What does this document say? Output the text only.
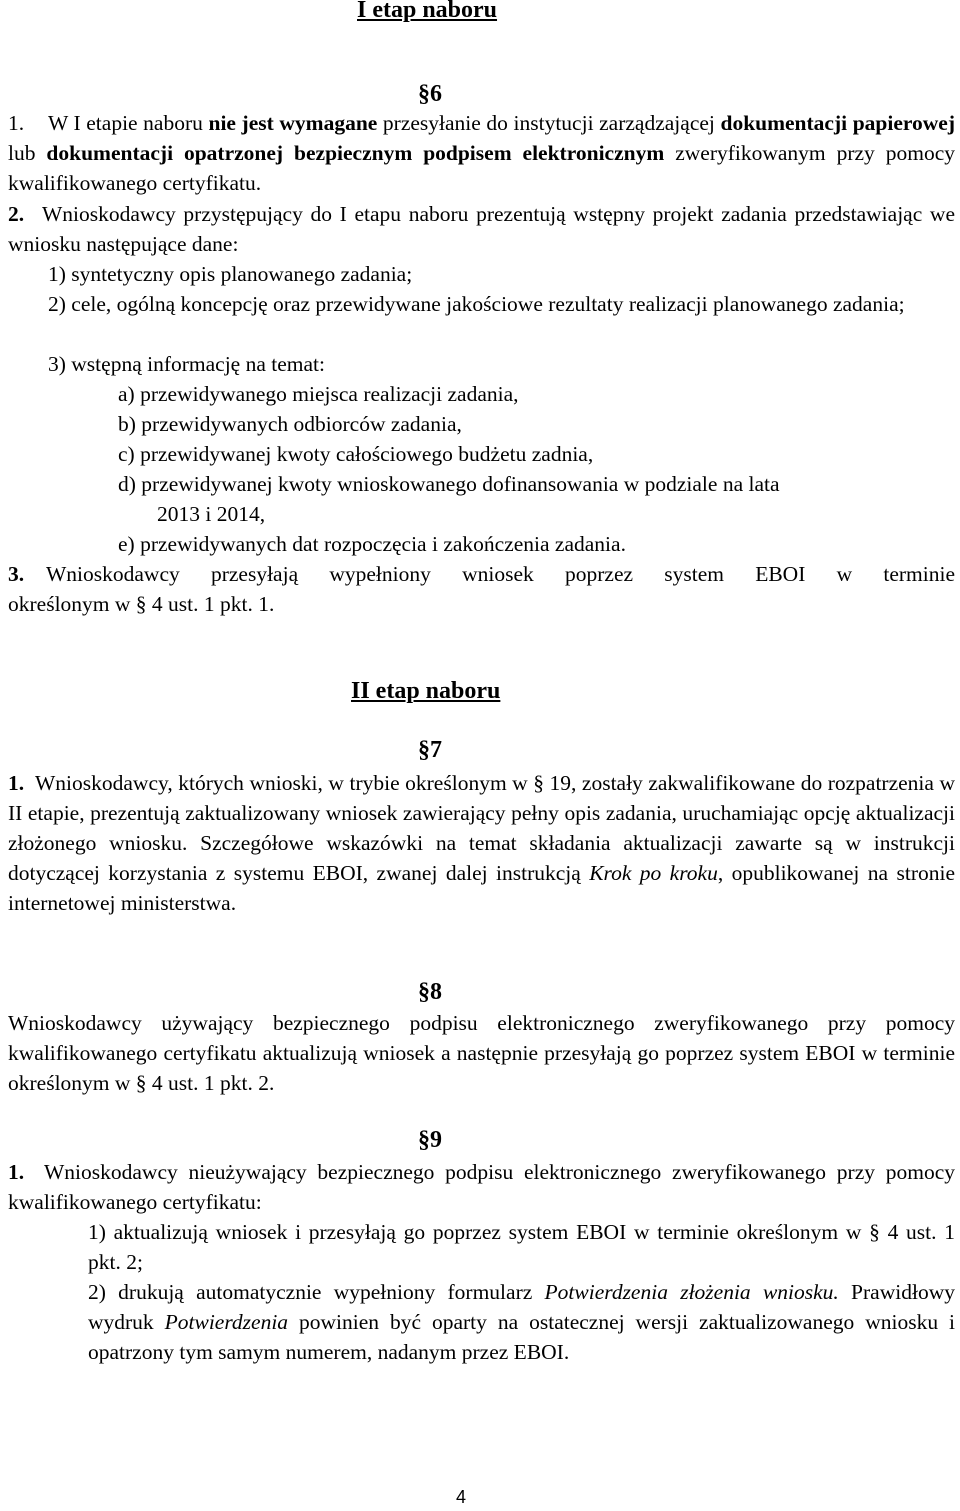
I etap naboru
§6
1. W I etapie naboru nie jest wymagane przesyłanie do instytucji zarządzającej dokumentacji papierowej lub dokumentacji opatrzonej bezpiecznym podpisem elektronicznym zweryfikowanym przy pomocy kwalifikowanego certyfikatu.
2. Wnioskodawcy przystępujący do I etapu naboru prezentują wstępny projekt zadania przedstawiając we wniosku następujące dane:
1) syntetyczny opis planowanego zadania;
2) cele, ogólną koncepcję oraz przewidywane jakościowe rezultaty realizacji planowanego zadania;
3) wstępną informację na temat:
a) przewidywanego miejsca realizacji zadania,
b) przewidywanych odbiorców zadania,
c) przewidywanej kwoty całościowego budżetu zadnia,
d) przewidywanej kwoty wnioskowanego dofinansowania w podziale na lata
2013 i 2014,
e) przewidywanych dat rozpoczęcia i zakończenia zadania.
3.	Wnioskodawcy przesyłają wypełniony wniosek poprzez system EBOI w terminie
określonym w § 4 ust. 1 pkt. 1.
II etap naboru
§7
1. Wnioskodawcy, których wnioski, w trybie określonym w § 19, zostały zakwalifikowane do rozpatrzenia w II etapie, prezentują zaktualizowany wniosek zawierający pełny opis zadania, uruchamiając opcję aktualizacji złożonego wniosku. Szczegółowe wskazówki na temat składania aktualizacji zawarte są w instrukcji dotyczącej korzystania z systemu EBOI, zwanej dalej instrukcją Krok po kroku, opublikowanej na stronie internetowej ministerstwa.
§8
Wnioskodawcy używający bezpiecznego podpisu elektronicznego zweryfikowanego przy pomocy kwalifikowanego certyfikatu aktualizują wniosek a następnie przesyłają go poprzez system EBOI w terminie określonym w § 4 ust. 1 pkt. 2.
§9
1. Wnioskodawcy nieużywający bezpiecznego podpisu elektronicznego zweryfikowanego przy pomocy kwalifikowanego certyfikatu:
1) aktualizują wniosek i przesyłają go poprzez system EBOI w terminie określonym w § 4 ust. 1 pkt. 2;
2) drukują automatycznie wypełniony formularz Potwierdzenia złożenia wniosku. Prawidłowy wydruk Potwierdzenia powinien być oparty na ostatecznej wersji zaktualizowanego wniosku i opatrzony tym samym numerem, nadanym przez EBOI.
4
